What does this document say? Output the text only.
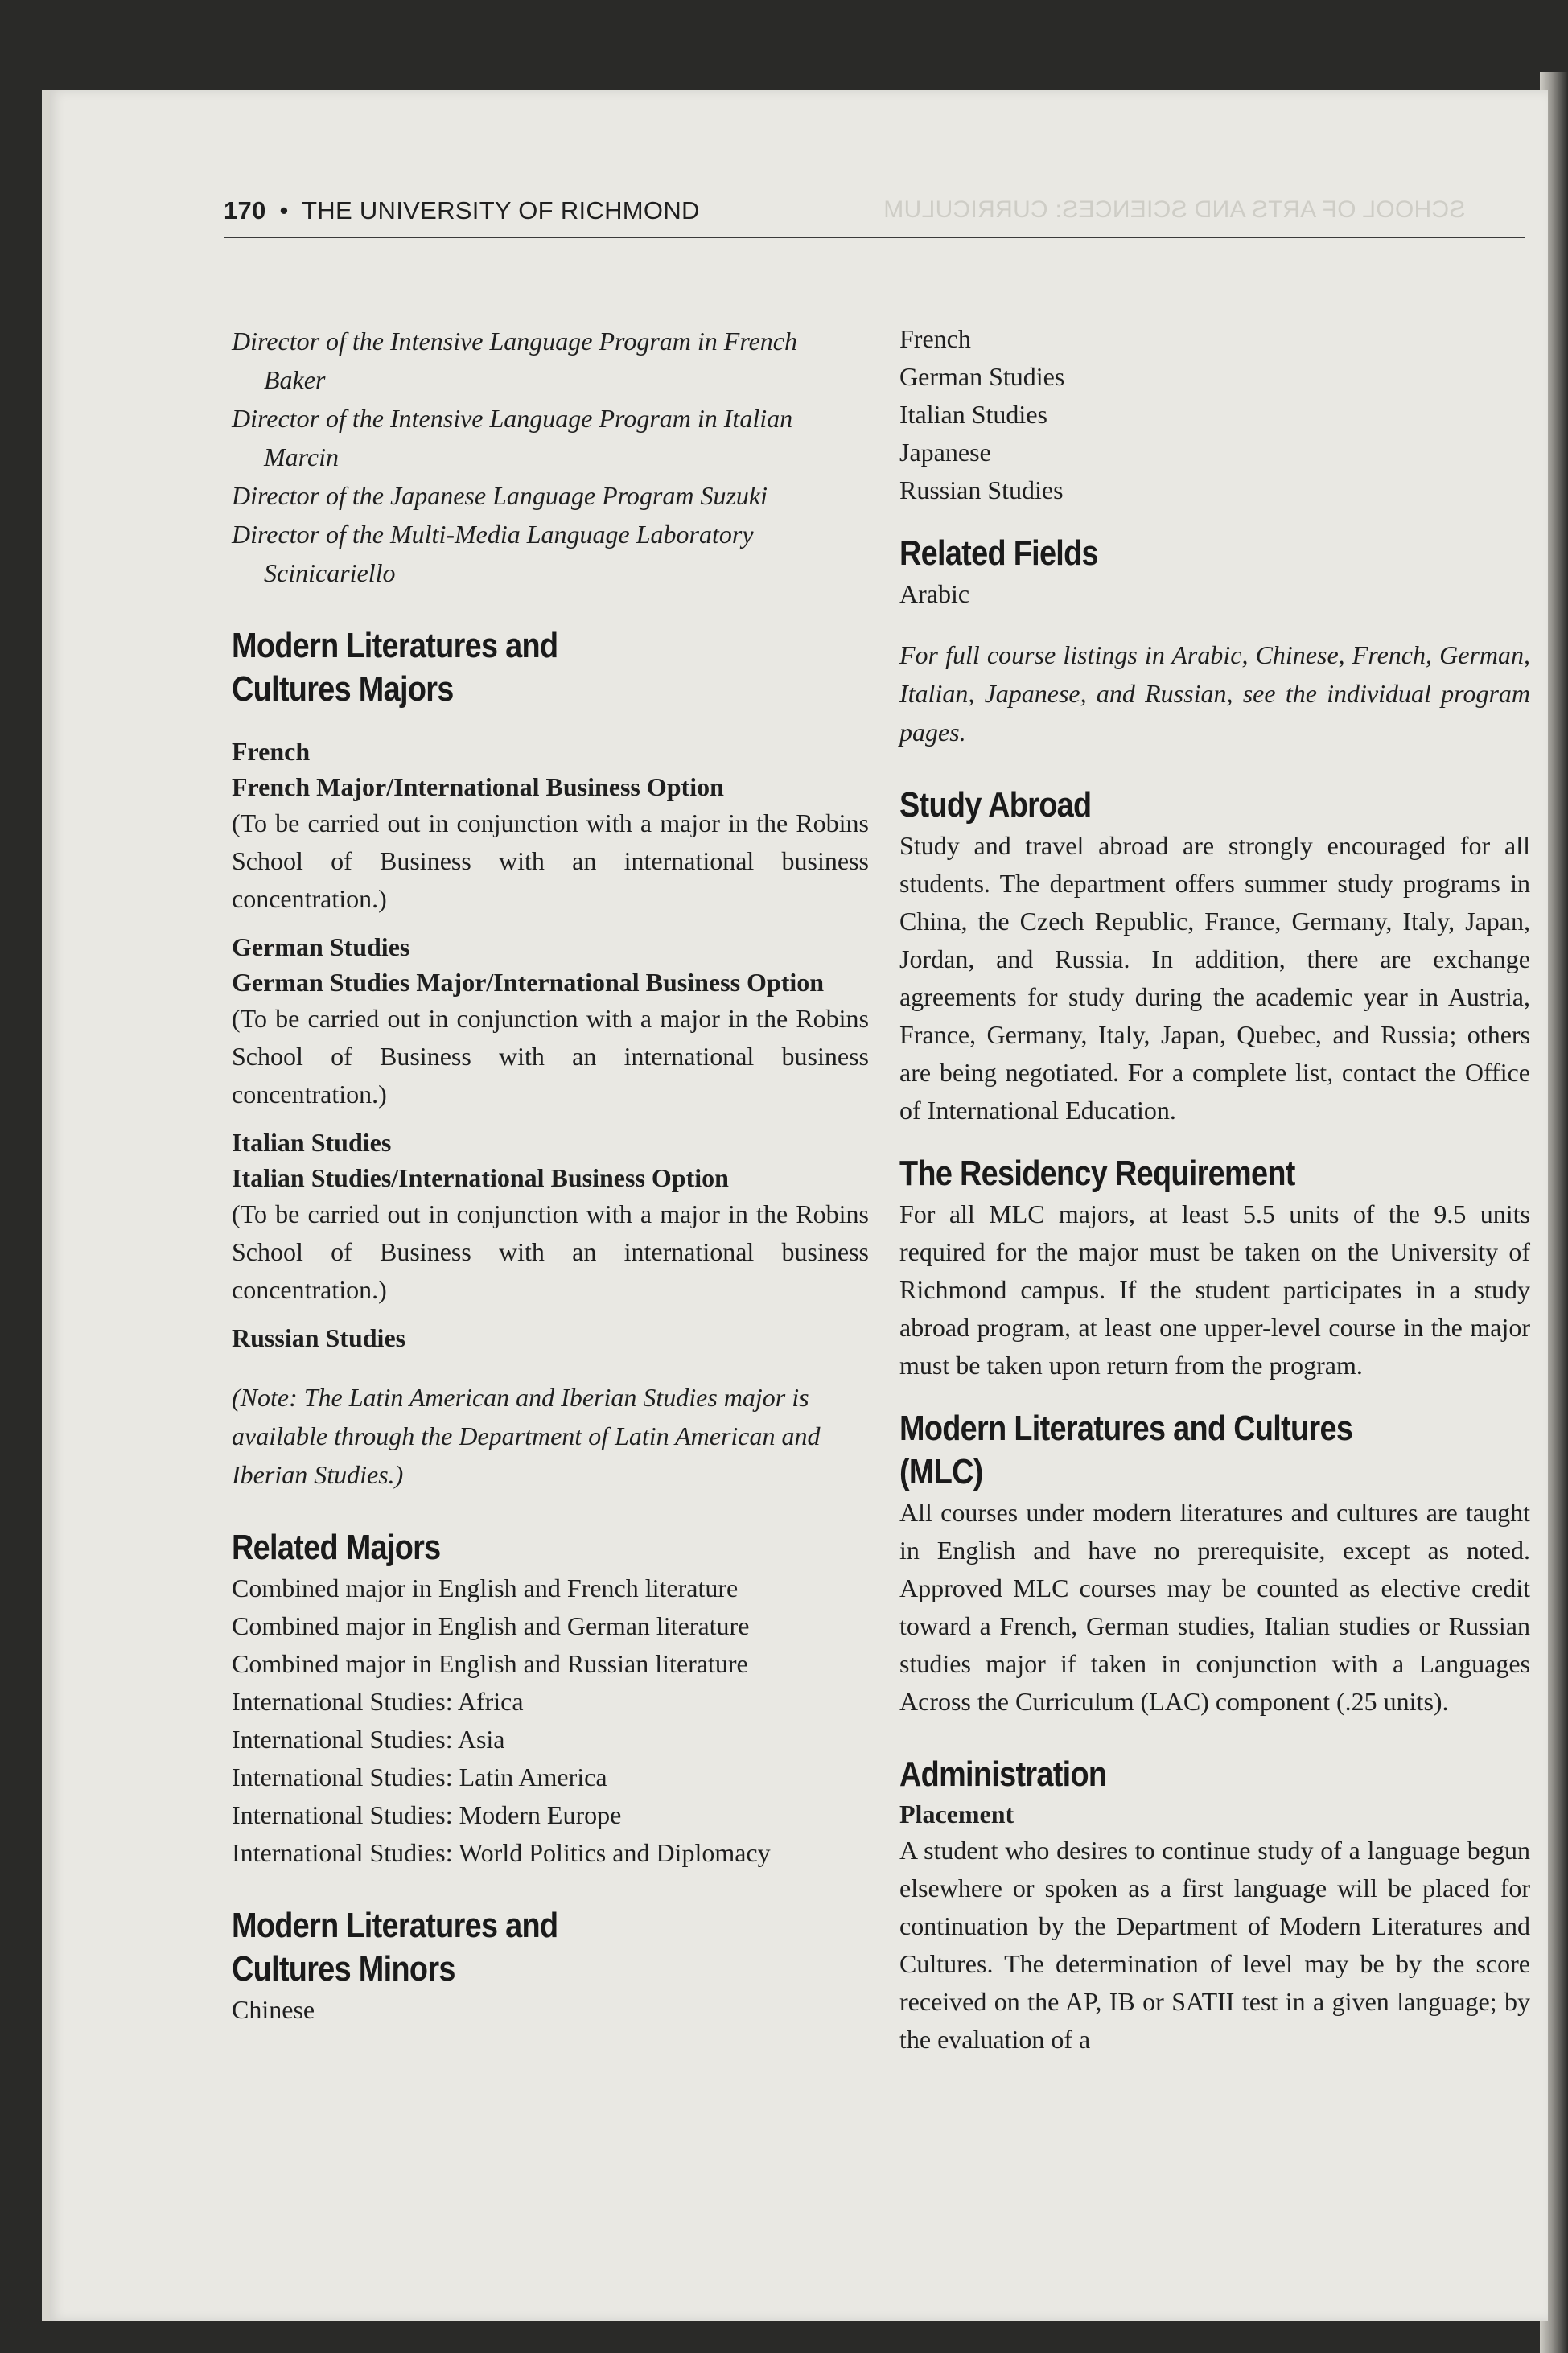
170 • THE UNIVERSITY OF RICHMOND	SCHOOL OF ARTS AND SCIENCES: CURRICULUM
Director of the Intensive Language Program in French
Baker
Director of the Intensive Language Program in Italian
Marcin
Director of the Japanese Language Program Suzuki
Director of the Multi-Media Language Laboratory
Scinicariello
Modern Literatures and
Cultures Majors
French
French Major/International Business Option
(To be carried out in conjunction with a major in the Robins School of Business with an international business concentration.)
German Studies
German Studies Major/International Business Option
(To be carried out in conjunction with a major in the Robins School of Business with an international business concentration.)
Italian Studies
Italian Studies/International Business Option
(To be carried out in conjunction with a major in the Robins School of Business with an international business concentration.)
Russian Studies
(Note: The Latin American and Iberian Studies major is available through the Department of Latin American and Iberian Studies.)
Related Majors
Combined major in English and French literature
Combined major in English and German literature
Combined major in English and Russian literature
International Studies: Africa
International Studies: Asia
International Studies: Latin America
International Studies: Modern Europe
International Studies: World Politics and Diplomacy
Modern Literatures and
Cultures Minors
Chinese
French
German Studies
Italian Studies
Japanese
Russian Studies
Related Fields
Arabic
For full course listings in Arabic, Chinese, French, German, Italian, Japanese, and Russian, see the individual program pages.
Study Abroad
Study and travel abroad are strongly encouraged for all students. The department offers summer study programs in China, the Czech Republic, France, Germany, Italy, Japan, Jordan, and Russia. In addition, there are exchange agreements for study during the academic year in Austria, France, Germany, Italy, Japan, Quebec, and Russia; others are being negotiated. For a complete list, contact the Office of International Education.
The Residency Requirement
For all MLC majors, at least 5.5 units of the 9.5 units required for the major must be taken on the University of Richmond campus. If the student participates in a study abroad program, at least one upper-level course in the major must be taken upon return from the program.
Modern Literatures and Cultures (MLC)
All courses under modern literatures and cultures are taught in English and have no prerequisite, except as noted. Approved MLC courses may be counted as elective credit toward a French, German studies, Italian studies or Russian studies major if taken in conjunction with a Languages Across the Curriculum (LAC) component (.25 units).
Administration
Placement
A student who desires to continue study of a language begun elsewhere or spoken as a first language will be placed for continuation by the Department of Modern Literatures and Cultures. The determination of level may be by the score received on the AP, IB or SATII test in a given language; by the evaluation of a
